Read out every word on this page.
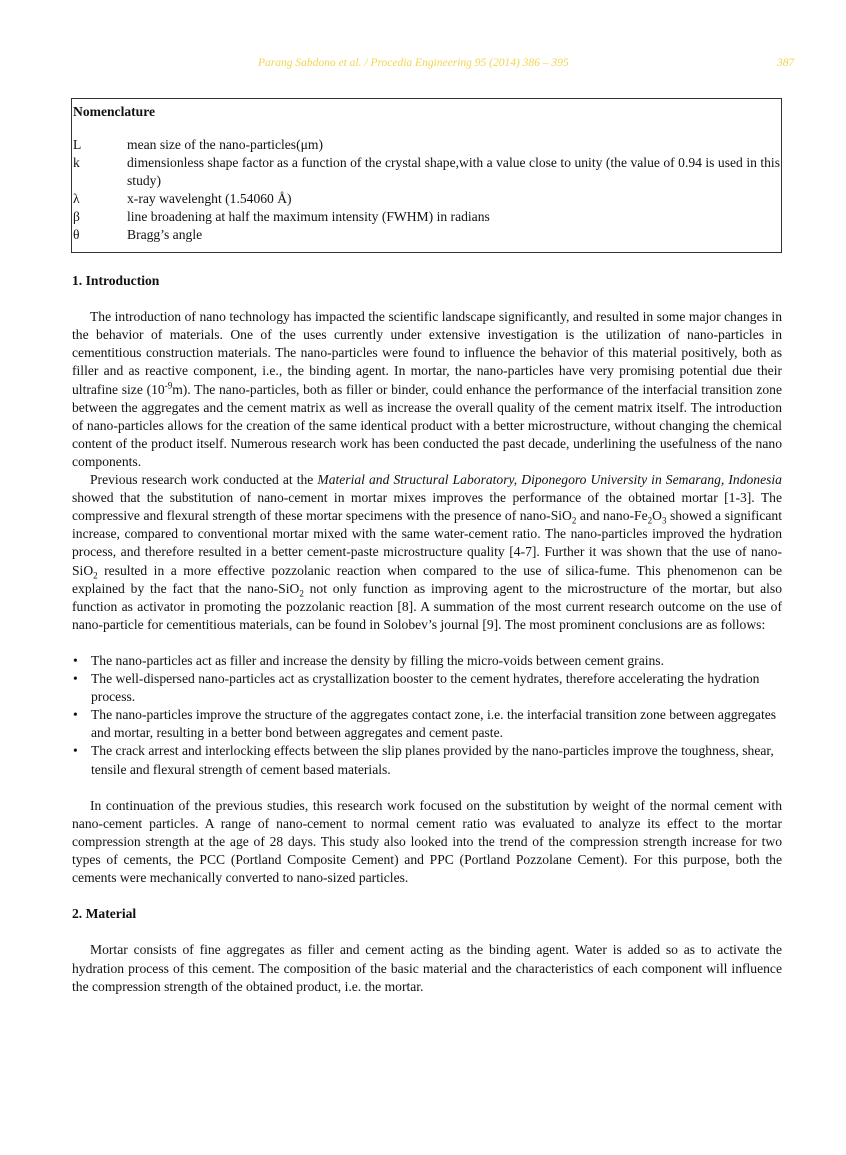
Parang Sabdono et al. / Procedia Engineering 95 (2014) 386 – 395	387
Nomenclature
L	mean size of the nano-particles(μm)
k	dimensionless shape factor as a function of the crystal shape,with a value close to unity (the value of 0.94 is used in this study)
λ	x-ray wavelenght (1.54060 Å)
β	line broadening at half the maximum intensity (FWHM) in radians
θ	Bragg’s angle
1. Introduction

The introduction of nano technology has impacted the scientific landscape significantly, and resulted in some major changes in the behavior of materials. One of the uses currently under extensive investigation is the utilization of nano-particles in cementitious construction materials. The nano-particles were found to influence the behavior of this material positively, both as filler and as reactive component, i.e., the binding agent. In mortar, the nano-particles have very promising potential due their ultrafine size $(10^{-9}m)$. The nano-particles, both as filler or binder, could enhance the performance of the interfacial transition zone between the aggregates and the cement matrix as well as increase the overall quality of the cement matrix itself. The introduction of nano-particles allows for the creation of the same identical product with a better microstructure, without changing the chemical content of the product itself. Numerous research work has been conducted the past decade, underlining the usefulness of the nano components.

Previous research work conducted at the Material and Structural Laboratory, Diponegoro University in Semarang, Indonesia showed that the substitution of nano-cement in mortar mixes improves the performance of the obtained mortar [1-3]. The compressive and flexural strength of these mortar specimens with the presence of nano-SiO$_2$ and nano-$Fe_2O_3$ showed a significant increase, compared to conventional mortar mixed with the same water-cement ratio. The nano-particles improved the hydration process, and therefore resulted in a better cement-paste microstructure quality [4-7]. Further it was shown that the use of nano-SiO$_2$ resulted in a more effective pozzolanic reaction when compared to the use of silica-fume. This phenomenon can be explained by the fact that the nano-SiO$_2$ not only function as improving agent to the microstructure of the mortar, but also function as activator in promoting the pozzolanic reaction [8]. A summation of the most current research outcome on the use of nano-particle for cementitious materials, can be found in Solobev’s journal [9]. The most prominent conclusions are as follows:

• The nano-particles act as filler and increase the density by filling the micro-voids between cement grains.
• The well-dispersed nano-particles act as crystallization booster to the cement hydrates, therefore accelerating the hydration process.
• The nano-particles improve the structure of the aggregates contact zone, i.e. the interfacial transition zone between aggregates and mortar, resulting in a better bond between aggregates and cement paste.
• The crack arrest and interlocking effects between the slip planes provided by the nano-particles improve the toughness, shear, tensile and flexural strength of cement based materials.

In continuation of the previous studies, this research work focused on the substitution by weight of the normal cement with nano-cement particles. A range of nano-cement to normal cement ratio was evaluated to analyze its effect to the mortar compression strength at the age of 28 days. This study also looked into the trend of the compression strength increase for two types of cements, the PCC (Portland Composite Cement) and PPC (Portland Pozzolane Cement). For this purpose, both the cements were mechanically converted to nano-sized particles.

2. Material

Mortar consists of fine aggregates as filler and cement acting as the binding agent. Water is added so as to activate the hydration process of this cement. The composition of the basic material and the characteristics of each component will influence the compression strength of the obtained product, i.e. the mortar.
